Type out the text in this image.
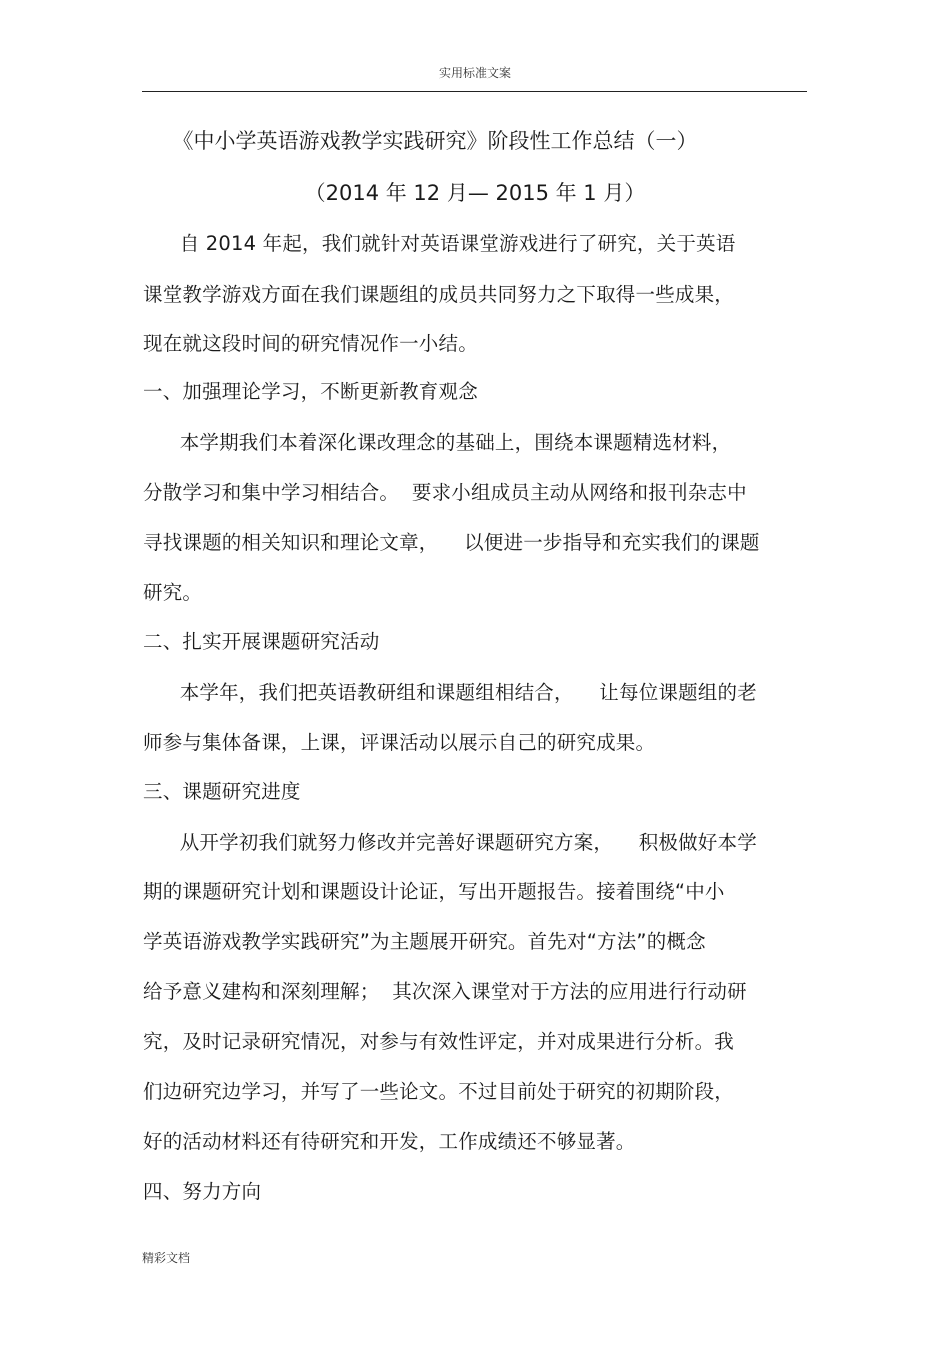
实用标准文案
《中小学英语游戏教学实践研究》阶段性工作总结（一）
（2014 年 12 月— 2015 年 1 月）
　自 2014 年起，我们就针对英语课堂游戏进行了研究，关于英语
课堂教学游戏方面在我们课题组的成员共同努力之下取得一些成果，
现在就这段时间的研究情况作一小结。
一、加强理论学习，不断更新教育观念
　本学期我们本着深化课改理念的基础上，围绕本课题精选材料，
分散学习和集中学习相结合。  要求小组成员主动从网络和报刊杂志中
寻找课题的相关知识和理论文章，    以便进一步指导和充实我们的课题
研究。
二、扎实开展课题研究活动
　本学年，我们把英语教研组和课题组相结合，    让每位课题组的老
师参与集体备课，上课，评课活动以展示自己的研究成果。
三、课题研究进度
　从开学初我们就努力修改并完善好课题研究方案，    积极做好本学
期的课题研究计划和课题设计论证，写出开题报告。接着围绕“中小
学英语游戏教学实践研究”为主题展开研究。首先对“方法”的概念
给予意义建构和深刻理解；  其次深入课堂对于方法的应用进行行动研
究，及时记录研究情况，对参与有效性评定，并对成果进行分析。我
们边研究边学习，并写了一些论文。不过目前处于研究的初期阶段，
好的活动材料还有待研究和开发，工作成绩还不够显著。
四、努力方向
精彩文档
